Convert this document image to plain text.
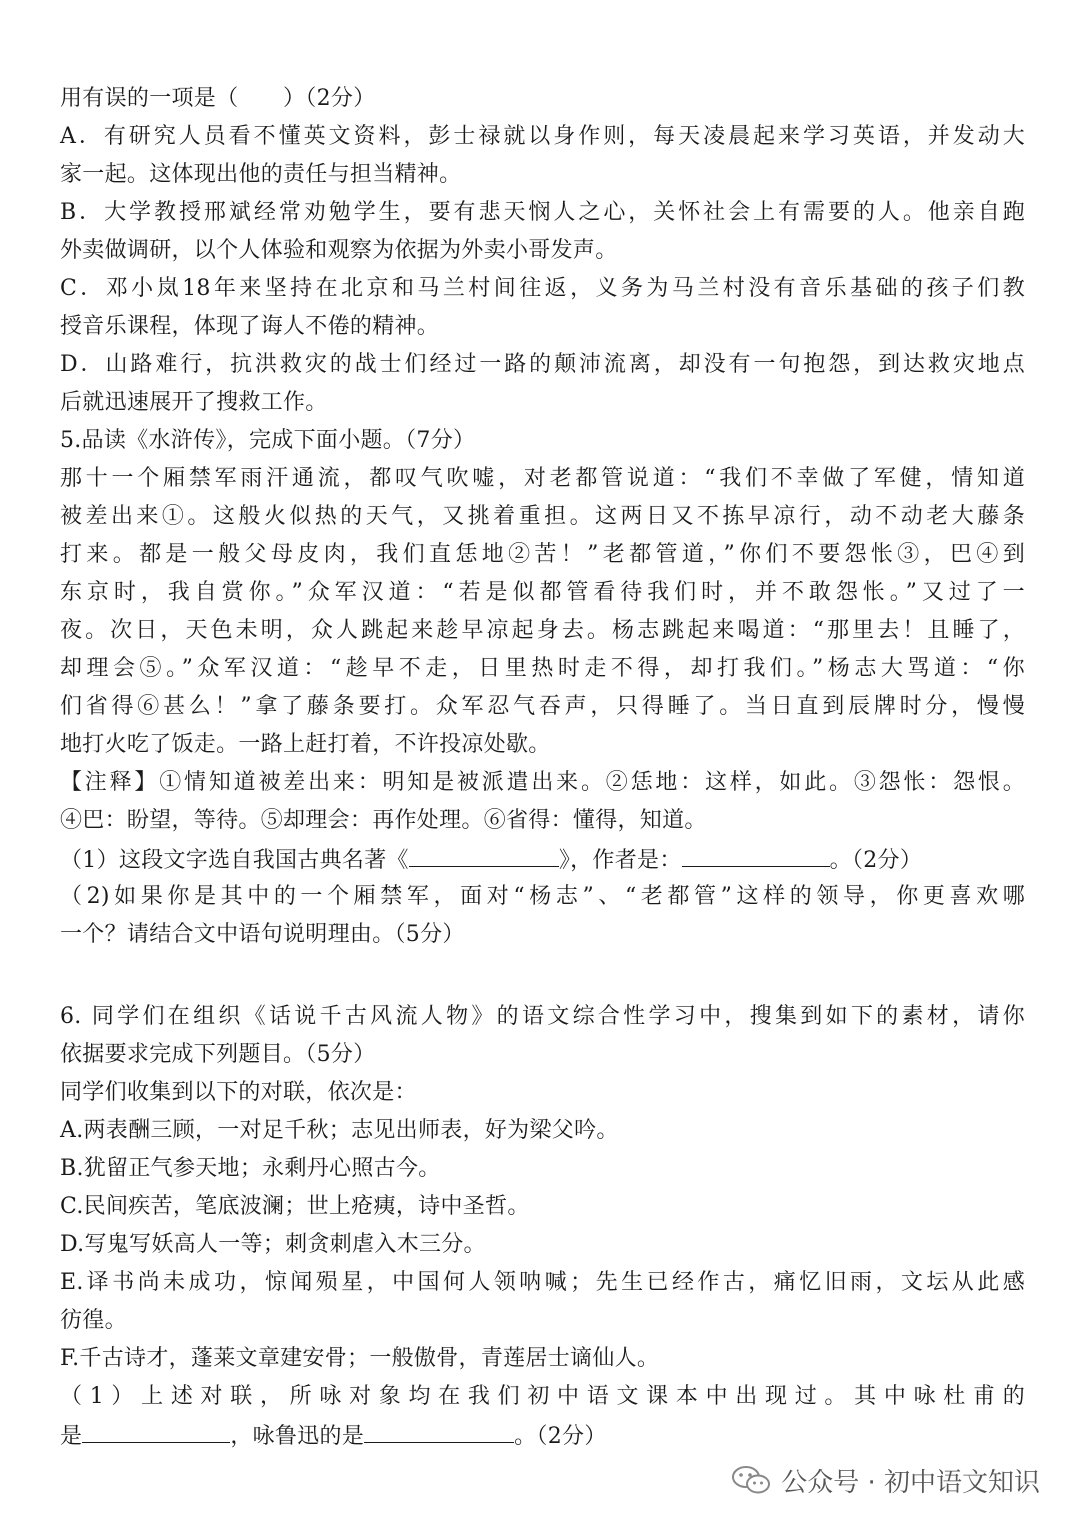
用有误的一项是（　　）（2分）
A．有研究人员看不懂英文资料，彭士禄就以身作则，每天凌晨起来学习英语，并发动大
家一起。这体现出他的责任与担当精神。
B．大学教授邢斌经常劝勉学生，要有悲天悯人之心，关怀社会上有需要的人。他亲自跑
外卖做调研，以个人体验和观察为依据为外卖小哥发声。
C．邓小岚18年来坚持在北京和马兰村间往返，义务为马兰村没有音乐基础的孩子们教
授音乐课程，体现了诲人不倦的精神。
D．山路难行，抗洪救灾的战士们经过一路的颠沛流离，却没有一句抱怨，到达救灾地点
后就迅速展开了搜救工作。
5.品读《水浒传》，完成下面小题。（7分）
那十一个厢禁军雨汗通流，都叹气吹嘘，对老都管说道：“我们不幸做了军健，情知道
被差出来①。这般火似热的天气，又挑着重担。这两日又不拣早凉行，动不动老大藤条
打来。都是一般父母皮肉，我们直恁地②苦！”老都管道，”你们不要怨怅③，巴④到
东京时，我自赏你。”众军汉道：“若是似都管看待我们时，并不敢怨怅。”又过了一
夜。次日，天色未明，众人跳起来趁早凉起身去。杨志跳起来喝道：“那里去！且睡了，
却理会⑤。”众军汉道：“趁早不走，日里热时走不得，却打我们。”杨志大骂道：“你
们省得⑥甚么！”拿了藤条要打。众军忍气吞声，只得睡了。当日直到辰牌时分，慢慢
地打火吃了饭走。一路上赶打着，不许投凉处歇。
【注释】①情知道被差出来：明知是被派遣出来。②恁地：这样，如此。③怨怅：怨恨。
④巴：盼望，等待。⑤却理会：再作处理。⑥省得：懂得，知道。
（1）这段文字选自我国古典名著《	》，作者是：	。（2分）
（2)如果你是其中的一个厢禁军，面对“杨志”、“老都管”这样的领导，你更喜欢哪
一个？请结合文中语句说明理由。（5分）
6. 同学们在组织《话说千古风流人物》的语文综合性学习中，搜集到如下的素材，请你
依据要求完成下列题目。（5分）
同学们收集到以下的对联，依次是：
A.两表酬三顾，一对足千秋；志见出师表，好为梁父吟。
B.犹留正气参天地；永剩丹心照古今。
C.民间疾苦，笔底波澜；世上疮痍，诗中圣哲。
D.写鬼写妖高人一等；刺贪刺虐入木三分。
E.译书尚未成功，惊闻殒星，中国何人领呐喊；先生已经作古，痛忆旧雨，文坛从此感
彷徨。
F.千古诗才，蓬莱文章建安骨；一般傲骨，青莲居士谪仙人。
（1）上述对联，所咏对象均在我们初中语文课本中出现过。其中咏杜甫的
是	，咏鲁迅的是	。（2分）
公众号 · 初中语文知识
